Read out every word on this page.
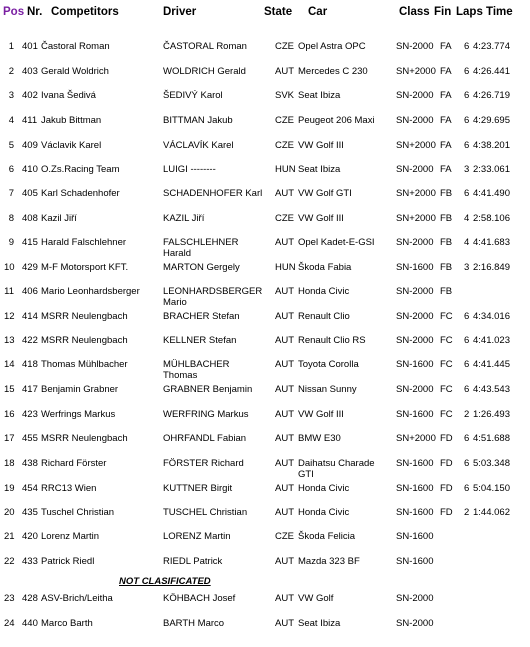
Pos Nr. Competitors	Driver	State Car	Class Fin Laps Time
1 401 Častoral Roman	ČASTORAL Roman	CZE Opel Astra OPC	SN-2000 FA 6 4:23.774
2 403 Gerald Woldrich	WOLDRICH Gerald	AUT Mercedes C 230	SN+2000 FA 6 4:26.441
3 402 Ivana Šedivá	ŠEDIVÝ Karol	SVK Seat Ibiza	SN-2000 FA 6 4:26.719
4 411 Jakub Bittman	BITTMAN Jakub	CZE Peugeot 206 Maxi SN-2000 FA 6 4:29.695
5 409 Václavik Karel	VÁCLAVÍK Karel	CZE VW Golf III	SN+2000 FA 6 4:38.201
6 410 O.Zs.Racing Team	LUIGI --------	HUN Seat Ibiza	SN-2000 FA 3 2:33.061
7 405 Karl Schadenhofer	SCHADENHOFER Karl AUT VW Golf GTI	SN+2000 FB 6 4:41.490
8 408 Kazil Jiří	KAZIL Jiří	CZE VW Golf III	SN+2000 FB 4 2:58.106
9 415 Harald Falschlehner	FALSCHLEHNER
Harald
AUT Opel Kadet-E-GSI SN-2000 FB 4 4:41.683
10 429 M-F Motorsport KFT.	MARTON Gergely	HUN Škoda Fabia	SN-1600 FB 3 2:16.849
11 406 Mario Leonhardsberger LEONHARDSBERGER
Mario
AUT Honda Civic	SN-2000 FB
12 414 MSRR Neulengbach	BRACHER Stefan	AUT Renault Clio	SN-2000 FC 6 4:34.016
13 422 MSRR Neulengbach	KELLNER Stefan	AUT Renault Clio RS	SN-2000 FC 6 4:41.023
14 418 Thomas Mühlbacher	MÜHLBACHER
Thomas
AUT Toyota Corolla	SN-1600 FC 6 4:41.445
15 417 Benjamin Grabner	GRABNER Benjamin AUT Nissan Sunny	SN-2000 FC 6 4:43.543
16 423 Werfrings Markus	WERFRING Markus	AUT VW Golf III	SN-1600 FC 2 1:26.493
17 455 MSRR Neulengbach	OHRFANDL Fabian	AUT BMW E30	SN+2000 FD 6 4:51.688
18 438 Richard Förster	FÖRSTER Richard	AUT Daihatsu Charade
GTI
SN-1600 FD 6 5:03.348
19 454 RRC13 Wien	KUTTNER Birgit	AUT Honda Civic	SN-1600 FD 6 5:04.150
20 435 Tuschel Christian	TUSCHEL Christian	AUT Honda Civic	SN-1600 FD 2 1:44.062
21 420 Lorenz Martin	LORENZ Martin	CZE Škoda Felicia	SN-1600
22 433 Patrick Riedl	RIEDL Patrick	AUT Mazda 323 BF	SN-1600
23 428 ASV-Brich/Leitha	KÖHBACH Josef	AUT VW Golf	SN-2000
24 440 Marco Barth	BARTH Marco	AUT Seat Ibiza	SN-2000
NOT CLASIFICATED
